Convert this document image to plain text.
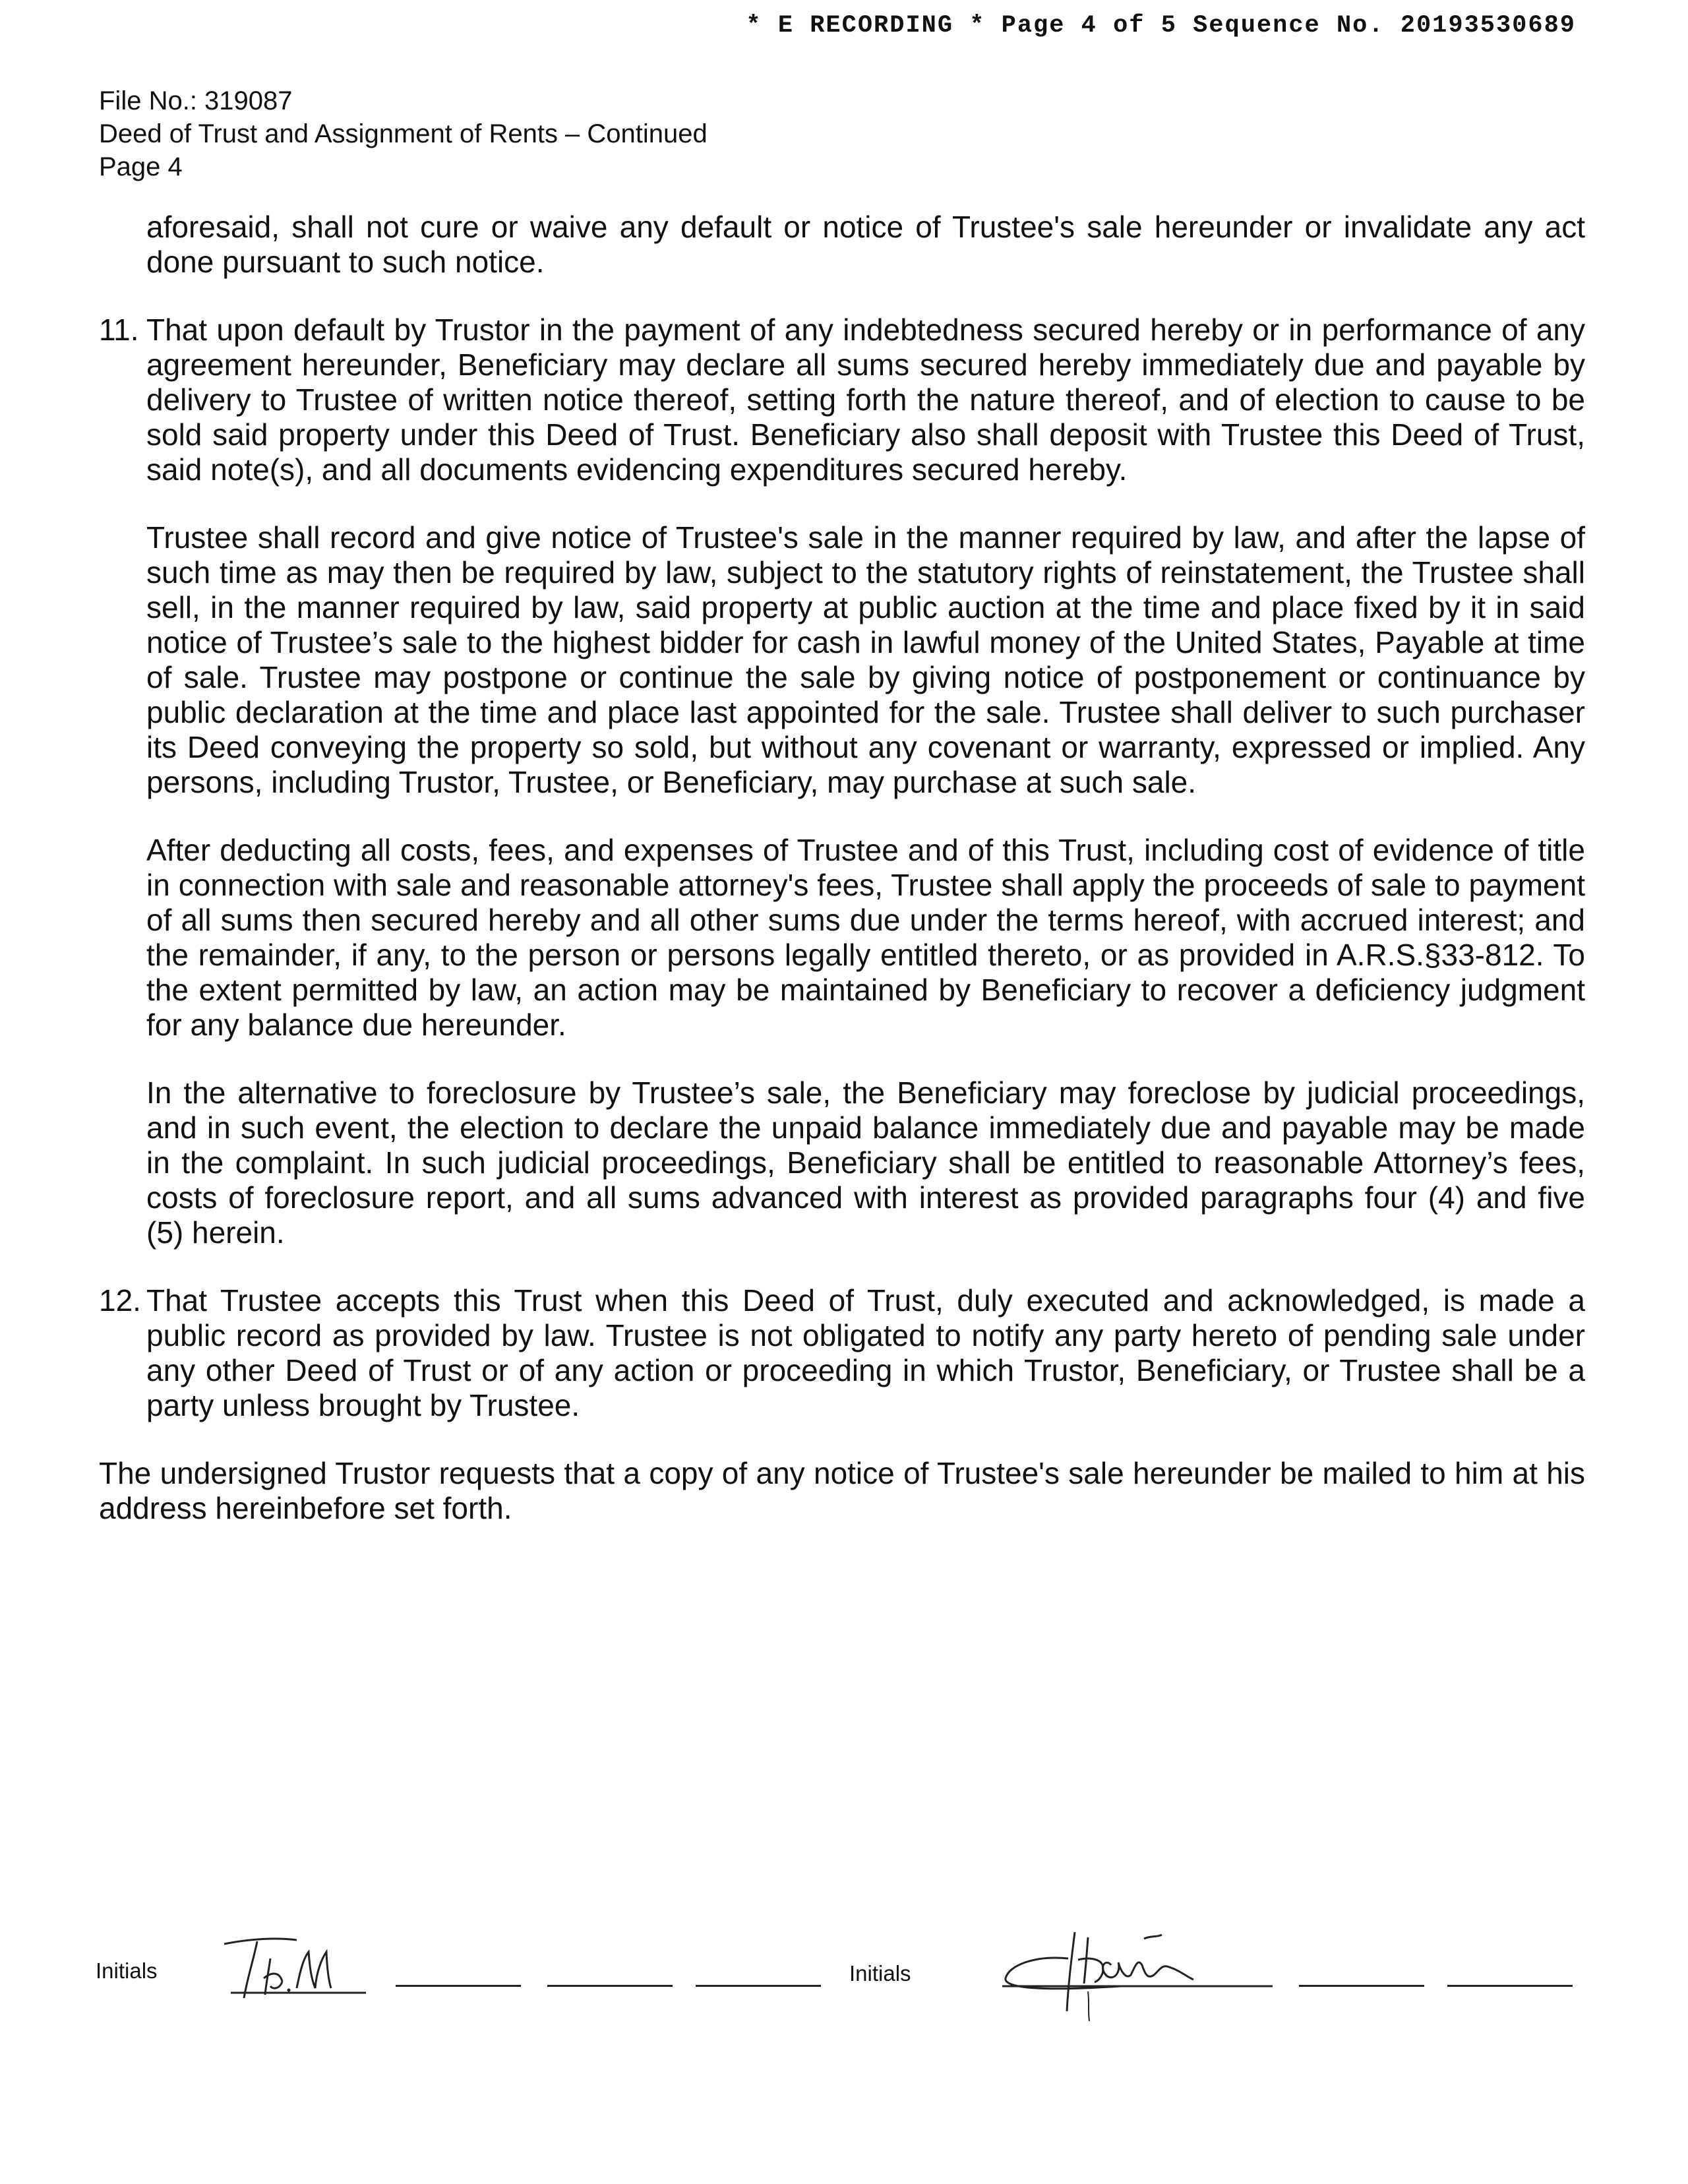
* E RECORDING * Page 4 of 5 Sequence No. 20193530689
File No.: 319087
Deed of Trust and Assignment of Rents – Continued
Page 4

aforesaid, shall not cure or waive any default or notice of Trustee's sale hereunder or invalidate any act done pursuant to such notice.

11. That upon default by Trustor in the payment of any indebtedness secured hereby or in performance of any agreement hereunder, Beneficiary may declare all sums secured hereby immediately due and payable by delivery to Trustee of written notice thereof, setting forth the nature thereof, and of election to cause to be sold said property under this Deed of Trust. Beneficiary also shall deposit with Trustee this Deed of Trust, said note(s), and all documents evidencing expenditures secured hereby.

Trustee shall record and give notice of Trustee's sale in the manner required by law, and after the lapse of such time as may then be required by law, subject to the statutory rights of reinstatement, the Trustee shall sell, in the manner required by law, said property at public auction at the time and place fixed by it in said notice of Trustee’s sale to the highest bidder for cash in lawful money of the United States, Payable at time of sale. Trustee may postpone or continue the sale by giving notice of postponement or continuance by public declaration at the time and place last appointed for the sale. Trustee shall deliver to such purchaser its Deed conveying the property so sold, but without any covenant or warranty, expressed or implied. Any persons, including Trustor, Trustee, or Beneficiary, may purchase at such sale.

After deducting all costs, fees, and expenses of Trustee and of this Trust, including cost of evidence of title in connection with sale and reasonable attorney's fees, Trustee shall apply the proceeds of sale to payment of all sums then secured hereby and all other sums due under the terms hereof, with accrued interest; and the remainder, if any, to the person or persons legally entitled thereto, or as provided in A.R.S.§33-812. To the extent permitted by law, an action may be maintained by Beneficiary to recover a deficiency judgment for any balance due hereunder.

In the alternative to foreclosure by Trustee’s sale, the Beneficiary may foreclose by judicial proceedings, and in such event, the election to declare the unpaid balance immediately due and payable may be made in the complaint. In such judicial proceedings, Beneficiary shall be entitled to reasonable Attorney’s fees, costs of foreclosure report, and all sums advanced with interest as provided paragraphs four (4) and five (5) herein.

12. That Trustee accepts this Trust when this Deed of Trust, duly executed and acknowledged, is made a public record as provided by law. Trustee is not obligated to notify any party hereto of pending sale under any other Deed of Trust or of any action or proceeding in which Trustor, Beneficiary, or Trustee shall be a party unless brought by Trustee.

The undersigned Trustor requests that a copy of any notice of Trustee's sale hereunder be mailed to him at his address hereinbefore set forth.

Initials	Initials
